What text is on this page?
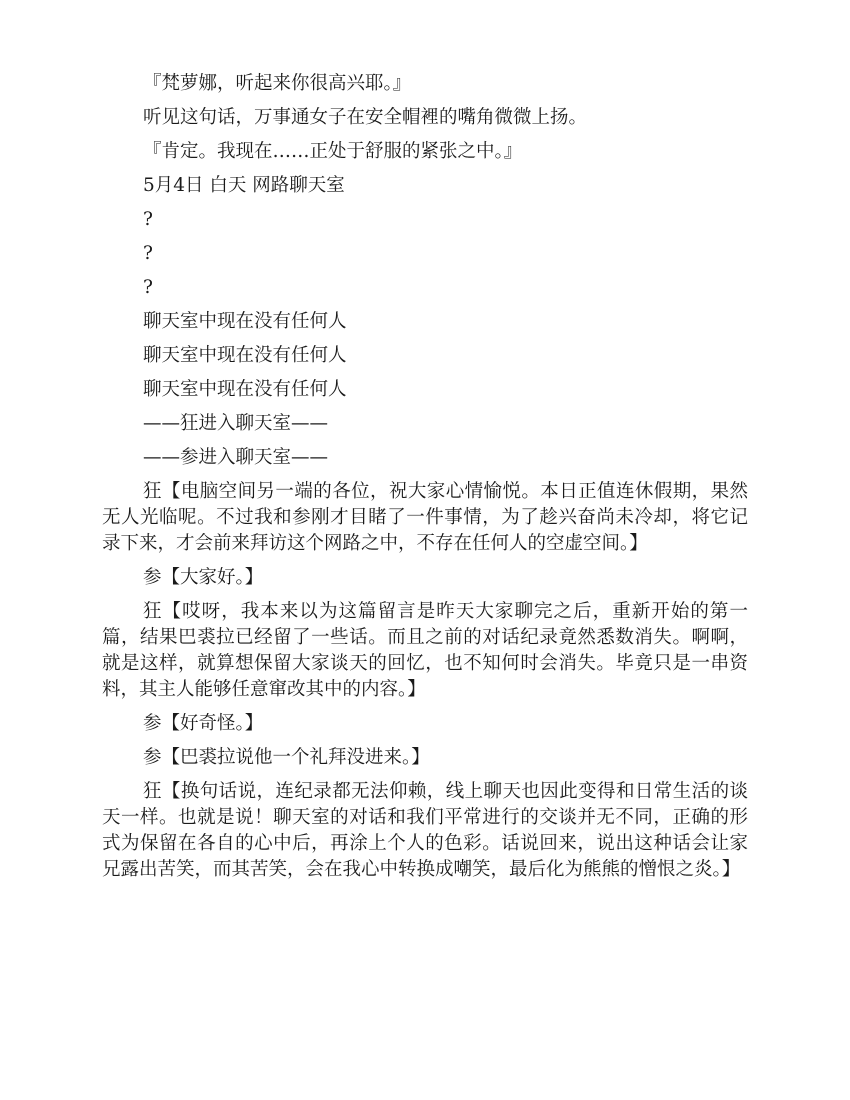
『梵萝娜，听起来你很高兴耶。』

听见这句话，万事通女子在安全帽裡的嘴角微微上扬。

『肯定。我现在……正处于舒服的紧张之中。』

5月4日 白天 网路聊天室

?

?

?

聊天室中现在没有任何人

聊天室中现在没有任何人

聊天室中现在没有任何人

——狂进入聊天室——

——参进入聊天室——

狂【电脑空间另一端的各位，祝大家心情愉悦。本日正值连休假期，果然无人光临呢。不过我和参刚才目睹了一件事情，为了趁兴奋尚未冷却，将它记录下来，才会前来拜访这个网路之中，不存在任何人的空虚空间。】

参【大家好。】

狂【哎呀，我本来以为这篇留言是昨天大家聊完之后，重新开始的第一篇，结果巴裘拉已经留了一些话。而且之前的对话纪录竟然悉数消失。啊啊，就是这样，就算想保留大家谈天的回忆，也不知何时会消失。毕竟只是一串资料，其主人能够任意窜改其中的内容。】

参【好奇怪。】

参【巴裘拉说他一个礼拜没进来。】

狂【换句话说，连纪录都无法仰赖，线上聊天也因此变得和日常生活的谈天一样。也就是说！聊天室的对话和我们平常进行的交谈并无不同，正确的形式为保留在各自的心中后，再涂上个人的色彩。话说回来，说出这种话会让家兄露出苦笑，而其苦笑，会在我心中转换成嘲笑，最后化为熊熊的憎恨之炎。】
